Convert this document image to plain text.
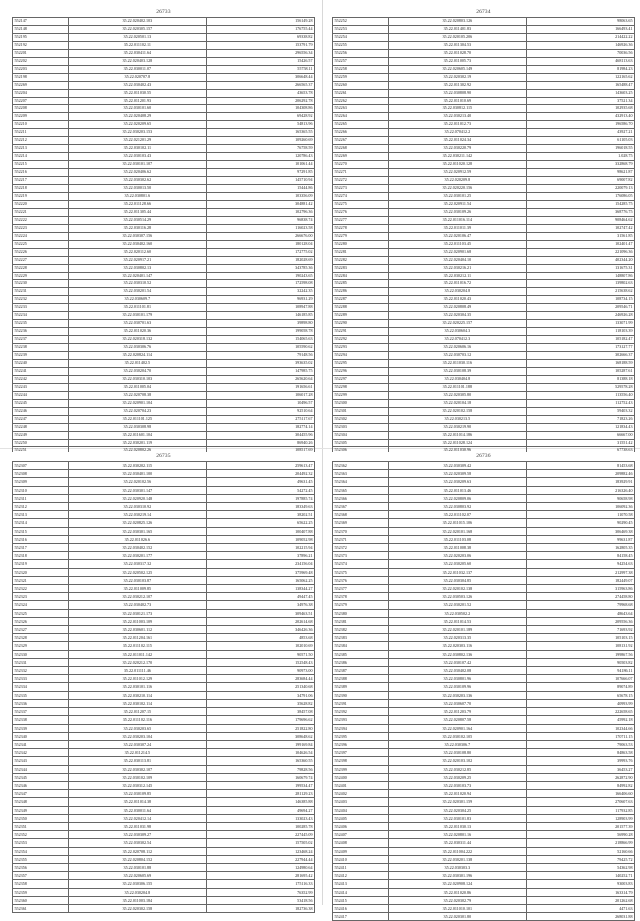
26733
552147	35.22.020402.103	156149.28
552148	35.22.020305.157	176755.44
552195	35.22.020501.13	69338.82
552192	35.22.011102.11	153791.79
552201	35.22.030411.64	296556.34
552202	35.22.020403.128	15426.57
552203	35.22.030011.07	55758.11
552198	35.22.020707.8	306648.44
552269	35.22.030402.43	266565.37
552204	35.22.011030.55	43653.78
552207	35.22.011201.93	206292.78
552208	35.22.030101.60	104308.86
552209	35.22.020408.29	69428.92
552210	35.22.020209.65	54813.96
552211	35.22.030203.153	165365.55
552212	35.22.021201.29	109260.69
552213	35.22.030102.11	76758.59
552214	35.22.030103.43	120786.43
552215	35.22.030101.107	101061.44
552216	35.22.020406.62	97291.85
552217	35.22.030302.62	145710.94
552218	35.22.030013.50	15444.86
552219	35.22.030801.6	103356.09
552220	35.22.011128.66	304881.42
552221	35.22.011305.44	102796.36
552222	35.22.030514.29	96838.74
552223	35.22.030116.28	116023.58
552224	35.22.030307.156	266676.00
552225	35.22.030402.160	180128.04
552226	35.22.020112.60	172775.02
552227	35.22.020917.21	182028.69
552228	35.22.030802.13	343785.36
552229	35.22.020401.147	190243.65
552230	35.22.030310.52	172598.08
552231	35.22.030201.54	32242.35
552232	35.22.030609.7	96931.29
552233	35.22.011101.81	108947.88
552234	35.22.030101.179	146185.85
552235	35.22.030701.63	39898.80
552236	35.22.011020.36	199058.78
552237	35.22.020318.132	154065.63
552238	35.22.030306.76	105590.62
552239	35.22.020824.114	79148.56
552240	35.22.011402.5	393635.02
552241	35.22.030204.70	147985.75
552242	35.22.030310.103	265620.64
552243	35.22.011005.04	191656.61
552244	35.22.020708.38	106017.28
552245	35.22.020901.104	10496.57
552246	35.22.020704.23	92510.64
552247	35.22.011101.125	275117.67
552248	35.22.030308.98	182774.14
552249	35.22.011601.104	304455.96
552250	35.22.030201.119	86940.26
552251	35.22.020802.26	108517.69
26734
552252	35.22.020803.126	98063.65
552253	35.22.011401.83	166493.41
552254	35.22.020105.206	214422.22
552255	35.22.011304.53	146926.36
552256	35.22.011028.70	70036.56
552257	35.22.011005.73	468113.63
552258	35.22.020605.149	81984.23
552259	35.22.020302.19	122165.62
552260	35.22.011302.92	165488.47
552261	35.22.030808.90	143603.25
552262	35.22.011010.69	37521.34
552263	35.22.030812.115	102935.68
552264	35.22.030213.40	432913.40
552265	35.22.011012.73	196586.70
552266	35.22.070412.2	43927.21
552267	35.22.011024.34	61105.03
552268	35.22.030220.79	196018.55
552269	35.22.030211.142	1.028.75
552270	35.22.011020.128	332868.79
552271	35.22.020912.59	98621.87
552272	35.22.020209.8	69007.82
552273	35.22.020220.156	220079.13
552274	35.22.030101.25	176086.05
552275	35.22.020911.54	154285.75
552276	35.22.030109.26	368776.75
552277	35.22.011016.114	908464.62
552278	35.22.011011.39	102747.42
552279	35.22.020106.47	31561.85
552280	35.22.011103.45	102401.47
552281	35.22.020901.68	221096.36
552282	35.22.020404.10	402344.20
552283	35.22.030216.21	131675.31
552284	35.22.030212.11	148807.86
552285	35.22.011016.72	139802.63
552286	35.22.030204.8	215638.62
552287	35.22.011020.43	108734.15
552288	35.22.020808.49	209546.71
552289	35.22.020304.35	246926.28
552290	35.22.020225.157	133071.99
552291	35.22.030604.3	118103.39
552292	35.22.070412.3	105182.47
552293	35.22.020606.16	173127.77
552294	35.22.030703.12	302666.37
552295	35.22.011030.116	168188.59
552296	35.22.030108.39	105287.61
552297	35.22.030404.8	81388.18
552298	35.22.011101.188	529578.28
552299	35.22.020305.80	113556.40
552300	35.22.020104.18	112752.43
552301	35.22.020102.158	59403.32
552302	35.22.030213.5	71823.26
552303	35.22.030219.90	121834.43
552304	35.22.011014.186	66667.00
552305	35.22.011028.124	31551.42
552306	35.22.011030.96	67738.63
26735
552307	35.22.030202.115	259613.47
552308	35.22.030401.100	204492.32
552309	35.22.020102.56	49631.45
552310	35.22.030301.147	54272.45
552311	35.22.020920.148	197885.74
552312	35.22.030310.92	183349.63
552313	35.22.030219.14	38202.51
552314	35.22.020825.126	65622.25
552315	35.22.030301.165	100407.88
552316	35.22.011026.6	109052.98
552317	35.22.030402.152	102215.94
552318	35.22.030201.177	37896.21
552319	35.22.030317.32	234156.04
552320	35.22.020502.125	375969.48
552321	35.22.030103.87	165062.25
552322	35.22.011009.85	138344.27
552323	35.22.030212.107	49447.45
552324	35.22.030402.73	34976.38
552325	35.22.030121.173	309463.51
552326	35.22.011003.109	202614.68
552327	35.22.030601.112	346426.36
552328	35.22.011204.161	4853.68
552329	35.22.011102.115	102010.69
552330	35.22.011011.142	90571.50
552331	35.22.020212.170	152548.43
552332	35.22.011111.46	90973.00
552333	35.22.011012.129	283684.44
552334	35.22.030101.116	251340.68
552335	35.22.030210.114	34791.06
552336	35.22.030102.114	35628.82
552337	35.22.011207.15	38457.08
552338	35.22.011102.116	179696.62
552339	35.22.030203.65	251822.80
552340	35.22.030203.104	308648.62
552341	35.22.030307.24	199169.84
552342	35.22.011214.5	104626.54
552343	35.22.030113.81	165360.55
552344	35.22.030302.107	79828.56
552345	35.22.030102.109	160679.74
552346	35.22.030312.145	199534.47
552347	35.22.030109.85	281129.23
552348	35.22.011014.38	146385.88
552349	35.22.030011.64	49694.27
552350	35.22.020412.14	133023.43
552351	35.22.011031.98	100285.78
552352	35.22.030309.27	227445.09
552353	35.22.030302.54	157505.02
552354	35.22.020708.112	123468.24
552355	35.22.020804.152	227944.44
552356	35.22.030101.88	124980.64
552357	35.22.020605.69	281695.42
552358	35.22.030306.155	175116.33
552359	35.22.030204.8	76352.99
552360	35.22.011003.184	53418.56
552361	35.22.020302.158	182736.38
26736
552362	35.22.030309.42	81453.68
552363	35.22.020309.58	209882.46
552364	35.22.030209.63	183929.91
552365	35.22.011013.46	216326.40
552366	35.22.020809.06	90658.98
552367	35.22.030803.92	106092.36
552368	35.22.011102.07	11070.58
552369	35.22.011015.106	90290.45
552370	35.22.020101.168	306469.38
552371	35.22.011103.08	99631.87
552372	35.22.011008.38	162805.35
552373	35.22.020203.06	84158.45
552374	35.22.030205.60	94254.63
552375	35.22.011032.137	212997.38
552376	35.22.030304.85	182449.07
552377	35.22.020102.138	315963.86
552378	35.22.030503.126	274458.80
552379	35.22.030201.52	79968.68
552380	35.22.030502.2	48643.64
552381	35.22.011014.53	209556.36
552382	35.22.020101.189	71693.92
552383	35.22.020313.35	105103.15
552384	35.22.020303.116	108131.92
552385	35.22.030802.136	199867.56
552386	35.22.030107.42	90503.82
552387	35.22.030402.08	94186.11
552388	35.22.030801.96	107666.07
552389	35.22.030109.96	89074.89
552390	35.22.030203.136	65678.15
552391	35.22.030607.70	40993.99
552392	35.22.011203.79	222658.65
552393	35.22.020807.58	45992.18
552394	35.22.020901.164	102344.66
552395	35.22.030102.105	170711.15
552396	35.22.030306.7	79063.53
552397	35.22.030108.80	84863.58
552398	35.22.020103.102	39993.76
552399	35.22.030212.85	36453.27
552400	35.22.030209.25	262872.90
552401	35.22.030103.73	84992.82
552402	35.22.011020.94	166406.60
552403	35.22.020301.159	270607.63
552404	35.22.020304.25	117932.85
552405	35.22.030101.83	128903.99
552406	35.22.011030.13	201577.39
552407	35.22.020801.16	56990.28
552408	35.22.030311.44	218866.99
552409	35.22.011004.222	52160.66
552410	35.22.030201.138	79425.72
552411	35.22.030303.3	54362.98
552412	35.22.030301.196	140252.71
552413	35.22.020908.124	93003.83
552414	35.22.011020.86	163314.79
552415	35.22.020302.79	201262.68
552416	35.22.011010.101	4471.63
552417	35.22.020301.80	268031.88
